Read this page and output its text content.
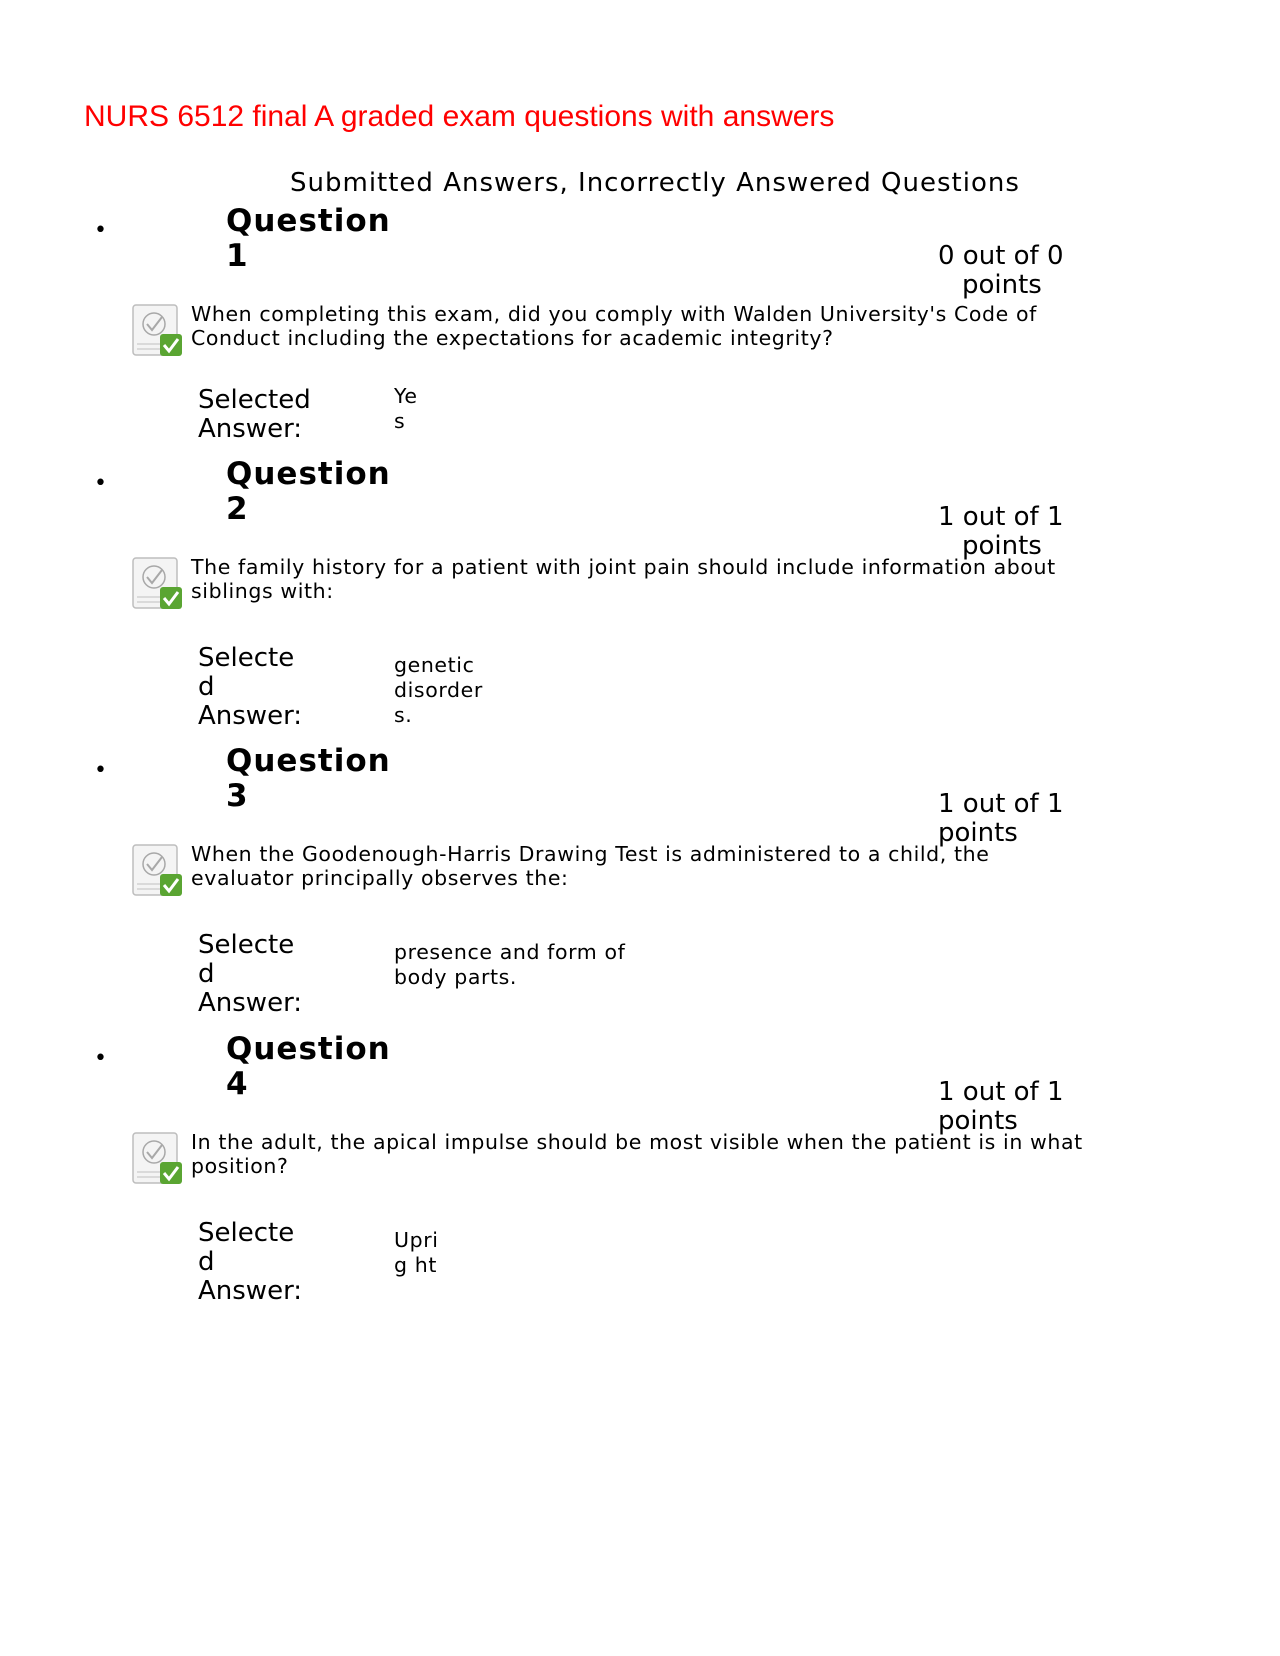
NURS 6512 final A graded exam questions with answers
Submitted Answers, Incorrectly Answered Questions
•	Question
1	0 out of 0
points
When completing this exam, did you comply with Walden University's Code of Conduct including the expectations for academic integrity?
Selected
Answer:
Ye
s
•	Question
2	1 out of 1
points
The family history for a patient with joint pain should include information about siblings with:
Selecte
d
Answer:
genetic
disorder
s.
•	Question
3	1 out of 1
points
When the Goodenough-Harris Drawing Test is administered to a child, the evaluator principally observes the:
Selecte
d
Answer:
presence and form of
body parts.
•	Question
4	1 out of 1
points
In the adult, the apical impulse should be most visible when the patient is in what position?
Selecte
d
Answer:
Upri
g ht
